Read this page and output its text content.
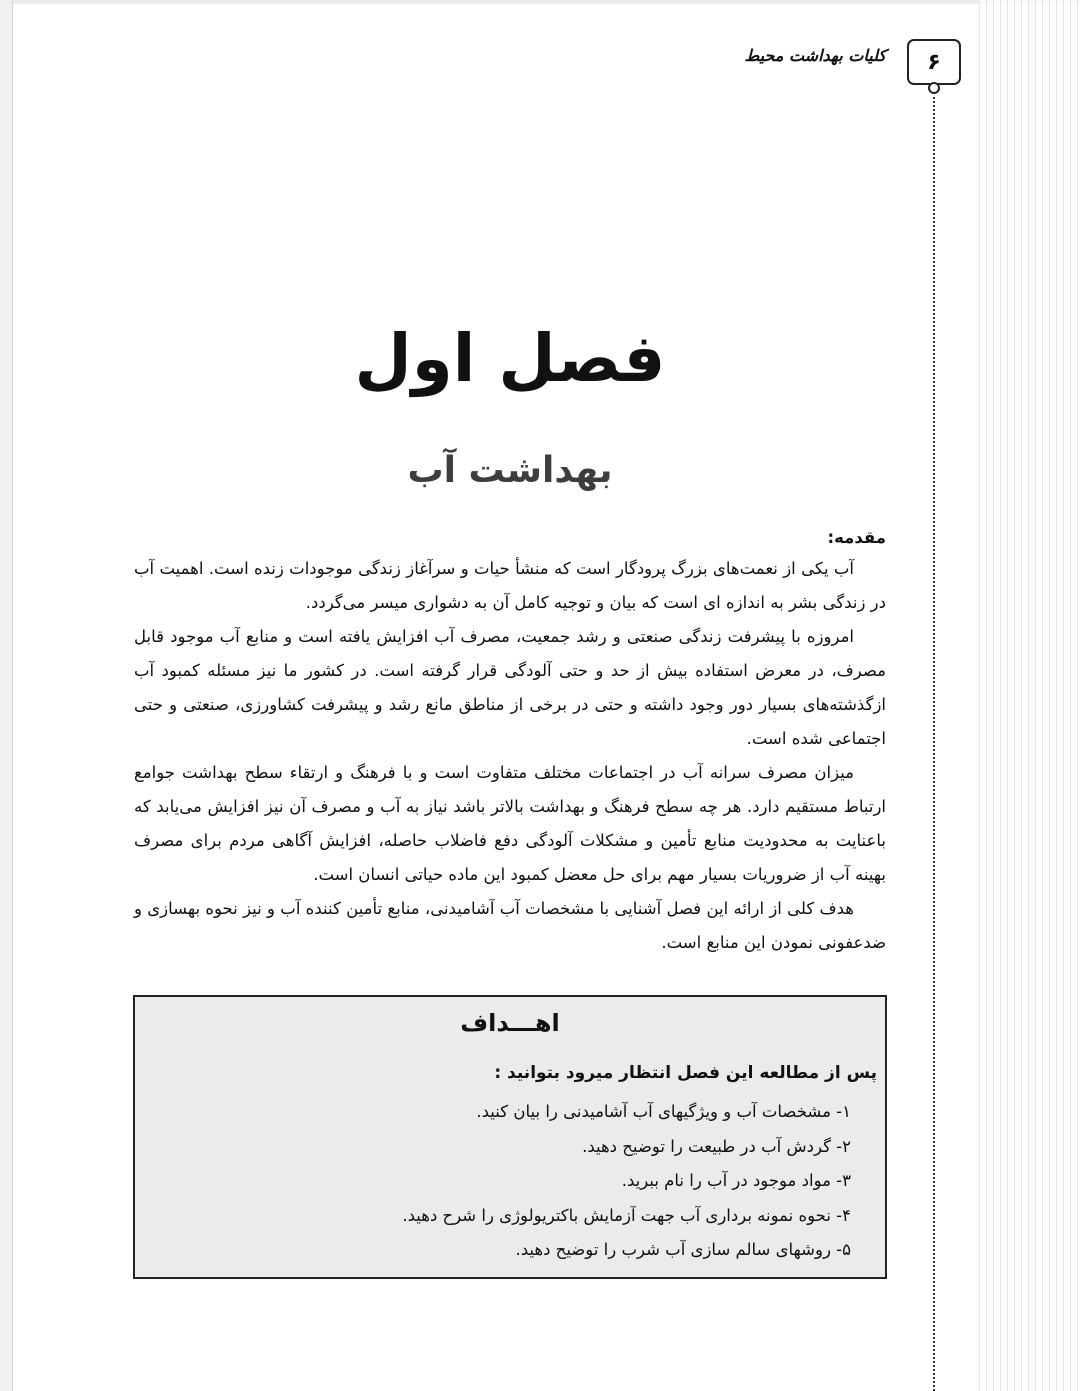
۶
کلیات بهداشت محیط
فصل اول
بهداشت آب
مقدمه:

آب یکی از نعمت‌های بزرگ پرودگار است که منشأ حیات و سرآغاز زندگی موجودات زنده است. اهمیت آب در زندگی بشر به اندازه ای است که بیان و توجیه کامل آن به دشواری میسر می‌گردد.

امروزه با پیشرفت زندگی صنعتی و رشد جمعیت، مصرف آب افزایش یافته است و منابع آب موجود قابل مصرف، در معرض استفاده بیش از حد و حتی آلودگی قرار گرفته است. در کشور ما نیز مسئله کمبود آب ازگذشته‌های بسیار دور وجود داشته و حتی در برخی از مناطق مانع رشد و پیشرفت کشاورزی، صنعتی و حتی اجتماعی شده است.

میزان مصرف سرانه آب در اجتماعات مختلف متفاوت است و با فرهنگ و ارتقاء سطح بهداشت جوامع ارتباط مستقیم دارد. هر چه سطح فرهنگ و بهداشت بالاتر باشد نیاز به آب و مصرف آن نیز افزایش می‌یابد که باعنایت به محدودیت منابع تأمین و مشکلات آلودگی دفع فاضلاب حاصله، افزایش آگاهی مردم برای مصرف بهینه آب از ضروریات بسیار مهم برای حل معضل کمبود این ماده حیاتی انسان است.

هدف کلی از ارائه این فصل آشنایی با مشخصات آب آشامیدنی، منابع تأمین کننده آب و نیز نحوه بهسازی و ضدعفونی نمودن این منابع است.

اهـــداف
پس از مطالعه این فصل انتظار میرود بتوانید :
۱- مشخصات آب و ویژگیهای آب آشامیدنی را بیان کنید.
۲- گردش آب در طبیعت را توضیح دهید.
۳- مواد موجود در آب را نام ببرید.
۴- نحوه نمونه برداری آب جهت آزمایش باکتریولوژی را شرح دهید.
۵- روشهای سالم سازی آب شرب را توضیح دهید.
